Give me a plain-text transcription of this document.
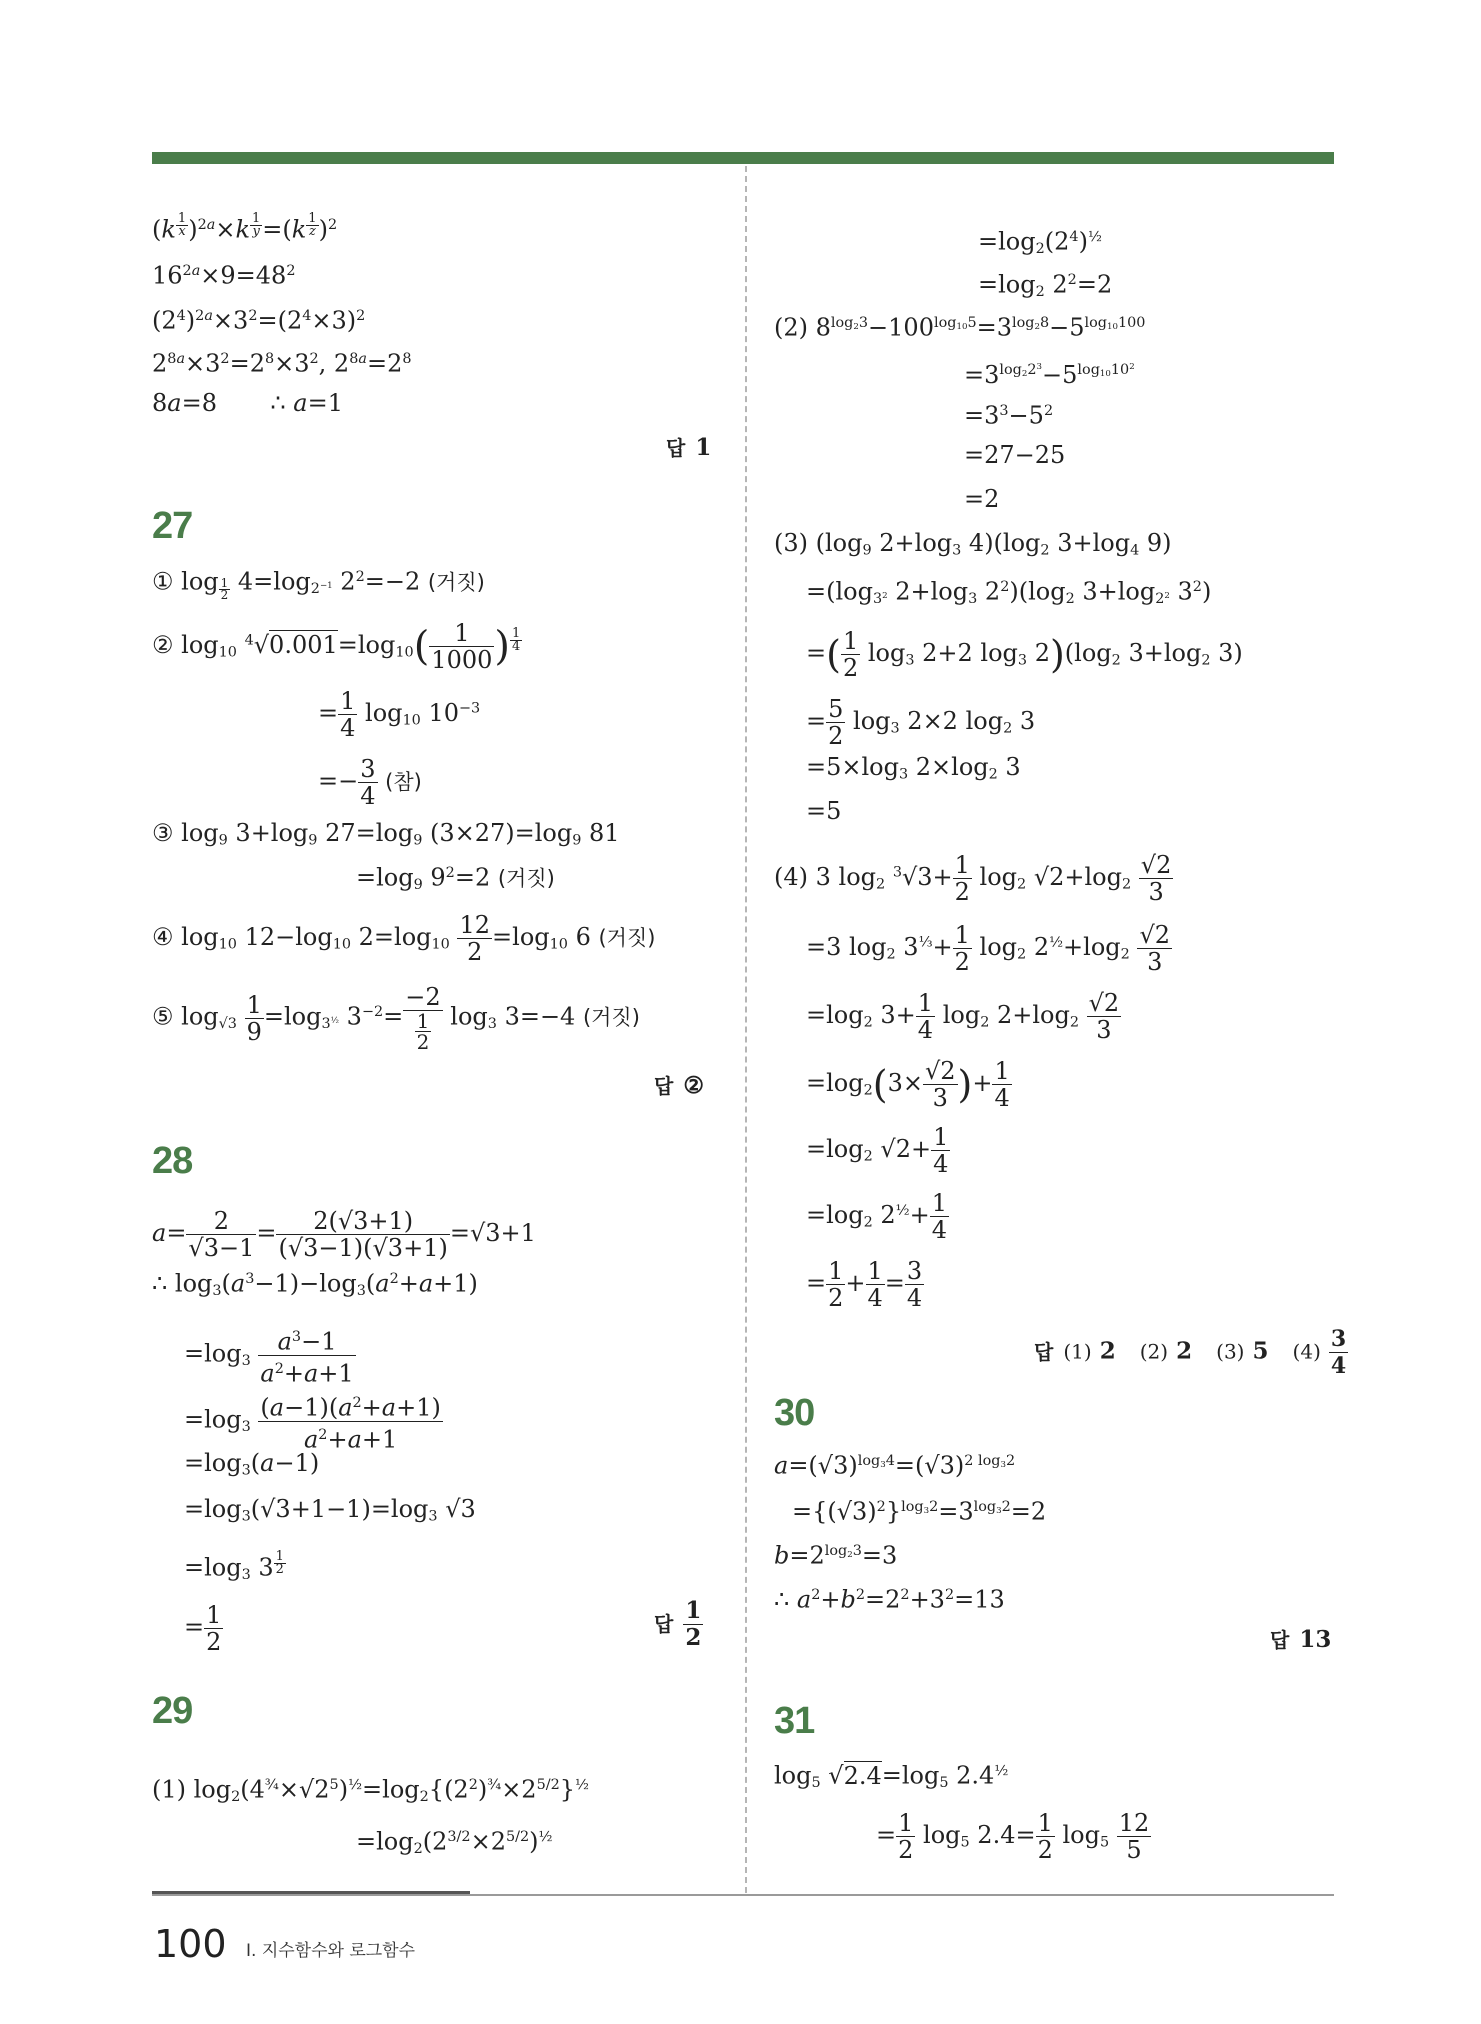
(k $^{\frac{1}{x}}$ )$^{2a}$×k $^{\frac{1}{y}}$ =(k $^{\frac{1}{z}}$ )$^2$
$16^{2a}\times 9=48^2$
$(2^4)^{2a}\times 3^2=(2^4\times 3)^2$
$2^{8a}\times 3^2=2^8\times 3^2$, $2^{8a}=2^8$
8a=8       ∴ a=1
답 1
27
① log $_{\frac{1}{2}}$ $4=\log_{2^{-1}}$ $2^2=-2$ (거짓)
② $\log_{10} ^4√0.001=\log_{10}( \frac{1}{1000}$ ) $^{\frac{1}{4}}$
= $\frac{1}{4} \log_{10} 10^{-3}$
=− $\frac{3}{4}$ (참)
③ $\log_9 3+\log_9$ $27=\log_9$ $(3\times 27)=\log_9$ 81
$=\log_9$ $9^2=2$ (거짓)
④ $\log_{10} 12-\log_{10}$ $2=\log_{10} \frac{12}{2} =\log_{10}$ 6 (거짓)
⑤ $\log_{√3} \frac{1}{9} =\log_{3^{\frac{1}{2}}}$ $3^{-2}= \frac{-2}{\frac{1}{2}} \log_3 3=-4$ (거짓)
답 ②
28
$a= \frac{2}{√3-1} = \frac{2(√3+1)}{(√3-1)(√3+1)} =√3+1$
∴ $\log_3(a^3-1)-\log_3(a^2+a+1)$
$=\log_3 \frac{a^3-1}{a^2+a+1}$
$=\log_3 \frac{(a-1)(a^2+a+1)}{a^2+a+1}$
$=\log_3(a-1)$
$=\log_3(√3+1-1)=\log_3$ √3
$=\log_3$ 3 $^{\frac{1}{2}}$
= $\frac{1}{2}$	답 $\frac{1}{2}$
29
(1) $\log_2(4^{\frac{3}{4}}\times√2^5)^{\frac{1}{2}}=\log_2\{(2^2)^{\frac{3}{4}}\times 2^{5/2}\}^{\frac{1}{2}}$
$=\log_2(2^{3/2}\times 2^{5/2})^{\frac{1}{2}}$
$=\log_2(2^4)^{\frac{1}{2}}$
$=\log_2$ $2^2=2$
(2) $8^{log_23}-100^{log_{10}5}=3^{log_28}-5^{log_{10}100}$
$=3^{log_22^3}-5^{log_{10}10^2}$
$=3^3-5^2$
=27−25
=2
(3) ($\log_9$ $2+\log_3$ $4)(\log_2$ $3+\log_4$ 9)
$=(\log_{3^2}$ $2+\log_3$ $2^2)(\log_2$ $3+\log_{2^2}$ $3^2$)
=( $\frac{1}{2} \log_3 2+2$ $\log_3 2)(\log_2$ $3+\log_2$ 3)
= $\frac{5}{2} \log_3 2\times 2$ $\log_2 3$
$=5\times\log_3$ $2\times\log_2$ 3
=5
(4) 3 $\log_2 ^3√3+ \frac{1}{2} \log_2 √2+\log_2 \frac{√2}{3}$
=3 $\log_2 3^{\frac{1}{3}}+ \frac{1}{2} \log_2 2^{\frac{1}{2}}+\log_2 \frac{√2}{3}$
$=\log_2$ $3+ \frac{1}{4} \log_2 2+\log_2 \frac{√2}{3}$
$=\log_2(3\times \frac{√2}{3}$ )+ $\frac{1}{4}$
$=\log_2$ $√2+ \frac{1}{4}$
$=\log_2$ $2^{\frac{1}{2}}+ \frac{1}{4}$
= $\frac{1}{2} + \frac{1}{4} = \frac{3}{4}$
답 (1) 2 (2) 2 (3) 5 $(4) \frac{3}{4}$
30
$a=(√3)^{log_34}=(√3)^{2 log_32}$
$=\{(√3)^2\}^{log_32}=3^{log_32}=2$
$b=2^{log_23}=3$
∴ $a^2+b^2=2^2+3^2=13$
답 13
31
$\log_5 √2.4=\log_5$ $2.4^{\frac{1}{2}}$
= $\frac{1}{2} \log_5 2.4= \frac{1}{2} \log_5 \frac{12}{5}$
100 Ⅰ. 지수함수와 로그함수
